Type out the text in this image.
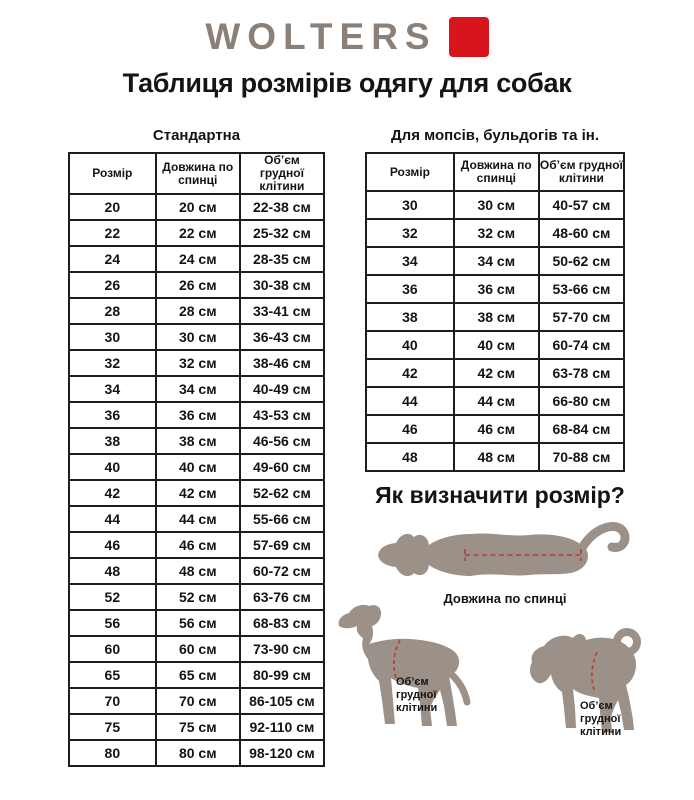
WOLTERS
Таблиця розмірів одягу для собак
Стандартна	Для мопсів, бульдогів та ін.
Розмір	Довжина по спинці	Об’єм грудної клітини
20	20 см	22-38 см
22	22 см	25-32 см
24	24 см	28-35 см
26	26 см	30-38 см
28	28 см	33-41 см
30	30 см	36-43 см
32	32 см	38-46 см
34	34 см	40-49 см
36	36 см	43-53 см
38	38 см	46-56 см
40	40 см	49-60 см
42	42 см	52-62 см
44	44 см	55-66 см
46	46 см	57-69 см
48	48 см	60-72 см
52	52 см	63-76 см
56	56 см	68-83 см
60	60 см	73-90 см
65	65 см	80-99 см
70	70 см	86-105 см
75	75 см	92-110 см
80	80 см	98-120 см
Розмір	Довжина по спинці	Об’єм грудної клітини
30	30 см	40-57 см
32	32 см	48-60 см
34	34 см	50-62 см
36	36 см	53-66 см
38	38 см	57-70 см
40	40 см	60-74 см
42	42 см	63-78 см
44	44 см	66-80 см
46	46 см	68-84 см
48	48 см	70-88 см
Як визначити розмір?
Довжина по спинці
Об’єм
грудної
клітини	Об’єм
грудної
клітини
